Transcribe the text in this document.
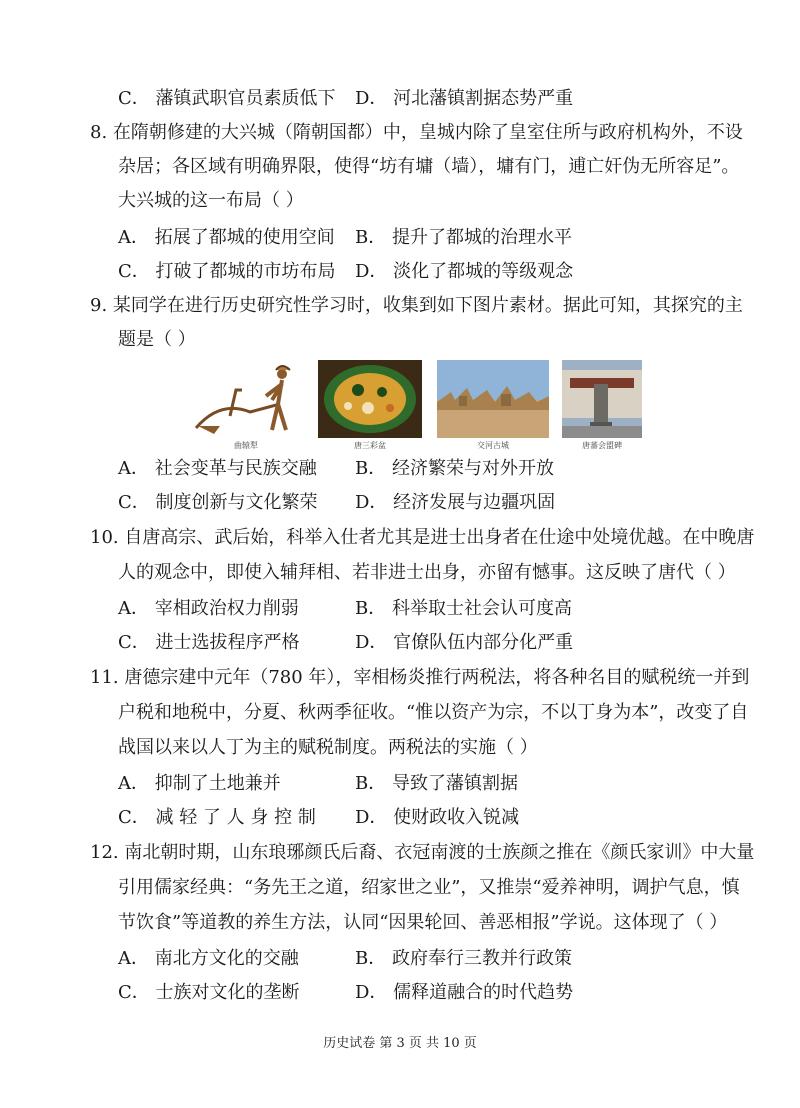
C． 藩镇武职官员素质低下 D． 河北藩镇割据态势严重
8. 在隋朝修建的大兴城（隋朝国都）中，皇城内除了皇室住所与政府机构外，不设
杂居；各区域有明确界限，使得“坊有墉（墙），墉有门，逋亡奸伪无所容足”。
大兴城的这一布局（ ）
A． 拓展了都城的使用空间 B． 提升了都城的治理水平
C． 打破了都城的市坊布局 D． 淡化了都城的等级观念
9. 某同学在进行历史研究性学习时，收集到如下图片素材。据此可知，其探究的主
题是（ ）
曲辕犁	唐三彩盆	交河古城	唐蕃会盟碑
A． 社会变革与民族交融 B． 经济繁荣与对外开放
C． 制度创新与文化繁荣 D． 经济发展与边疆巩固
10. 自唐高宗、武后始，科举入仕者尤其是进士出身者在仕途中处境优越。在中晚唐
人的观念中，即使入辅拜相、若非进士出身，亦留有憾事。这反映了唐代（ ）
A． 宰相政治权力削弱	B． 科举取士社会认可度高
C． 进士选拔程序严格	D． 官僚队伍内部分化严重
11. 唐德宗建中元年（780 年），宰相杨炎推行两税法，将各种名目的赋税统一并到
户税和地税中，分夏、秋两季征收。“惟以资产为宗，不以丁身为本”，改变了自
战国以来以人丁为主的赋税制度。两税法的实施（ ）
A． 抑制了土地兼并	B． 导致了藩镇割据
C． 减 轻 了 人 身 控 制 D． 使财政收入锐减
12. 南北朝时期，山东琅琊颜氏后裔、衣冠南渡的士族颜之推在《颜氏家训》中大量
引用儒家经典：“务先王之道，绍家世之业”，又推崇“爱养神明，调护气息，慎
节饮食”等道教的养生方法，认同“因果轮回、善恶相报”学说。这体现了（ ）
A． 南北方文化的交融	B． 政府奉行三教并行政策
C． 士族对文化的垄断	D． 儒释道融合的时代趋势
历史试卷 第 3 页 共 10 页
